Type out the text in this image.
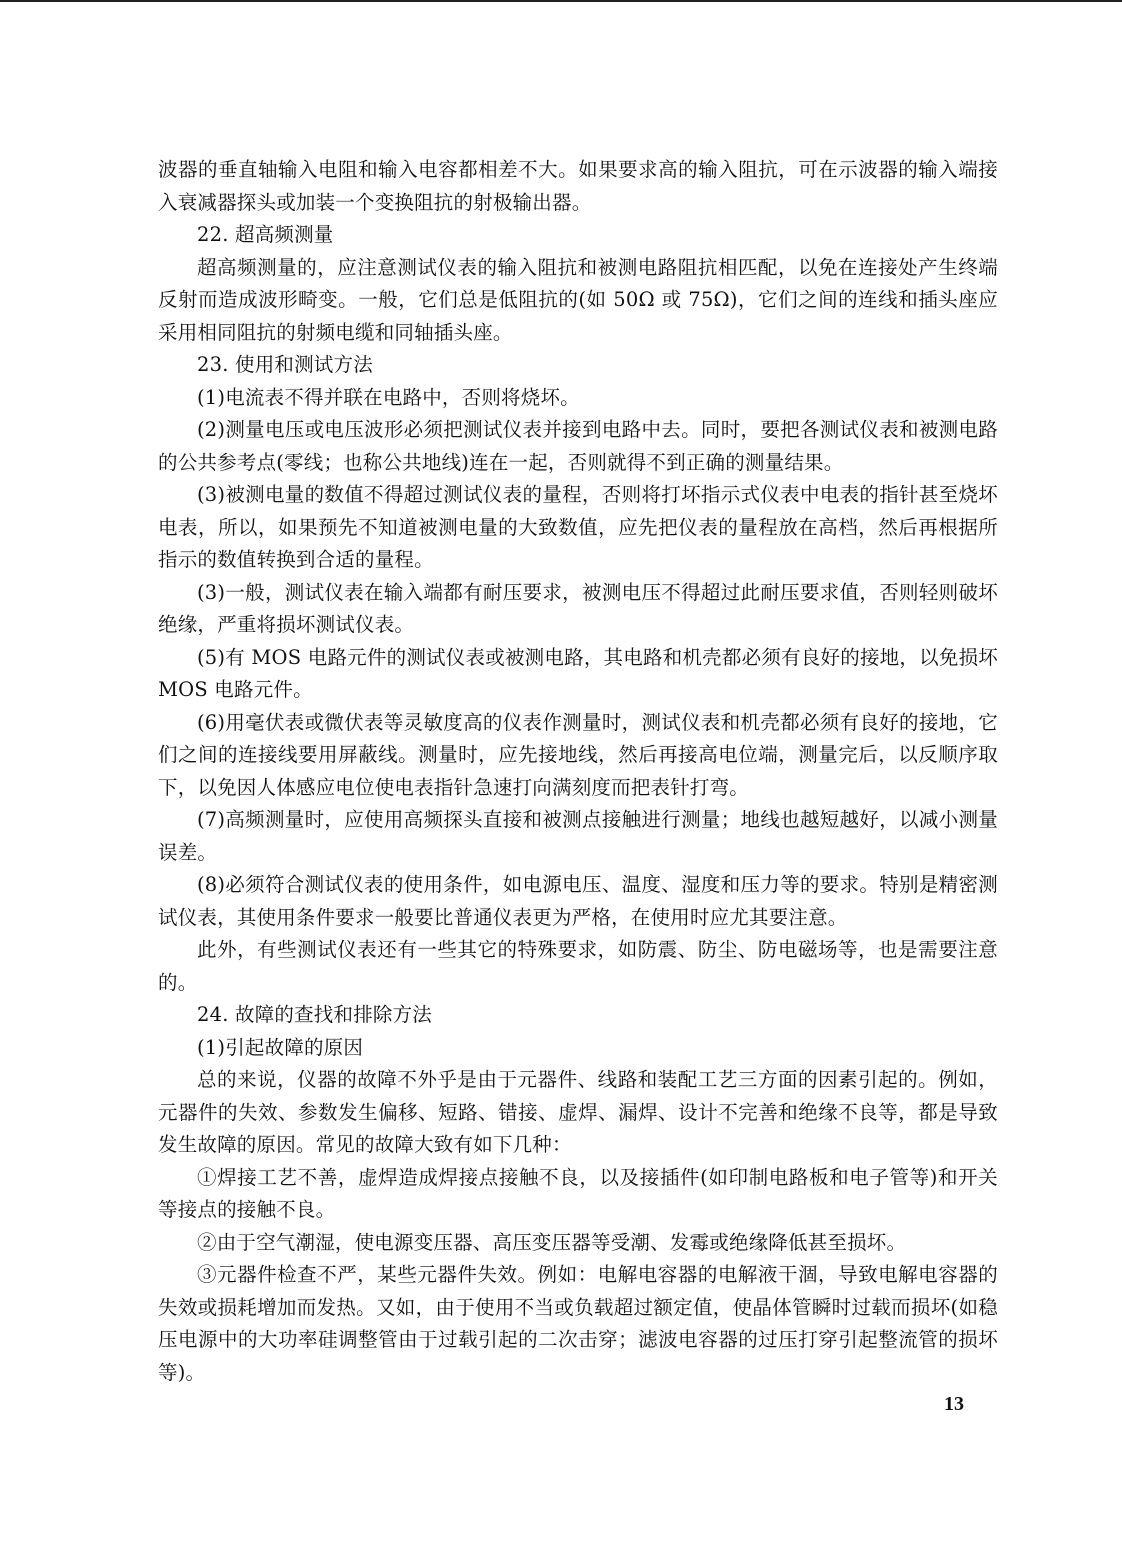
波器的垂直轴输入电阻和输入电容都相差不大。如果要求高的输入阻抗，可在示波器的输入端接入衰减器探头或加装一个变换阻抗的射极输出器。

22. 超高频测量

超高频测量的，应注意测试仪表的输入阻抗和被测电路阻抗相匹配，以免在连接处产生终端反射而造成波形畸变。一般，它们总是低阻抗的(如 50Ω 或 75Ω)，它们之间的连线和插头座应采用相同阻抗的射频电缆和同轴插头座。

23. 使用和测试方法

(1)电流表不得并联在电路中，否则将烧坏。

(2)测量电压或电压波形必须把测试仪表并接到电路中去。同时，要把各测试仪表和被测电路的公共参考点(零线；也称公共地线)连在一起，否则就得不到正确的测量结果。

(3)被测电量的数值不得超过测试仪表的量程，否则将打坏指示式仪表中电表的指针甚至烧坏电表，所以，如果预先不知道被测电量的大致数值，应先把仪表的量程放在高档，然后再根据所指示的数值转换到合适的量程。

(3)一般，测试仪表在输入端都有耐压要求，被测电压不得超过此耐压要求值，否则轻则破坏绝缘，严重将损坏测试仪表。

(5)有 MOS 电路元件的测试仪表或被测电路，其电路和机壳都必须有良好的接地，以免损坏MOS 电路元件。

(6)用毫伏表或微伏表等灵敏度高的仪表作测量时，测试仪表和机壳都必须有良好的接地，它们之间的连接线要用屏蔽线。测量时，应先接地线，然后再接高电位端，测量完后，以反顺序取下，以免因人体感应电位使电表指针急速打向满刻度而把表针打弯。

(7)高频测量时，应使用高频探头直接和被测点接触进行测量；地线也越短越好，以减小测量误差。

(8)必须符合测试仪表的使用条件，如电源电压、温度、湿度和压力等的要求。特别是精密测试仪表，其使用条件要求一般要比普通仪表更为严格，在使用时应尤其要注意。

此外，有些测试仪表还有一些其它的特殊要求，如防震、防尘、防电磁场等，也是需要注意的。

24. 故障的查找和排除方法

(1)引起故障的原因

总的来说，仪器的故障不外乎是由于元器件、线路和装配工艺三方面的因素引起的。例如，元器件的失效、参数发生偏移、短路、错接、虚焊、漏焊、设计不完善和绝缘不良等，都是导致发生故障的原因。常见的故障大致有如下几种：

①焊接工艺不善，虚焊造成焊接点接触不良，以及接插件(如印制电路板和电子管等)和开关等接点的接触不良。

②由于空气潮湿，使电源变压器、高压变压器等受潮、发霉或绝缘降低甚至损坏。

③元器件检查不严，某些元器件失效。例如：电解电容器的电解液干涸，导致电解电容器的失效或损耗增加而发热。又如，由于使用不当或负载超过额定值，使晶体管瞬时过载而损坏(如稳压电源中的大功率硅调整管由于过载引起的二次击穿；滤波电容器的过压打穿引起整流管的损坏等)。

13
